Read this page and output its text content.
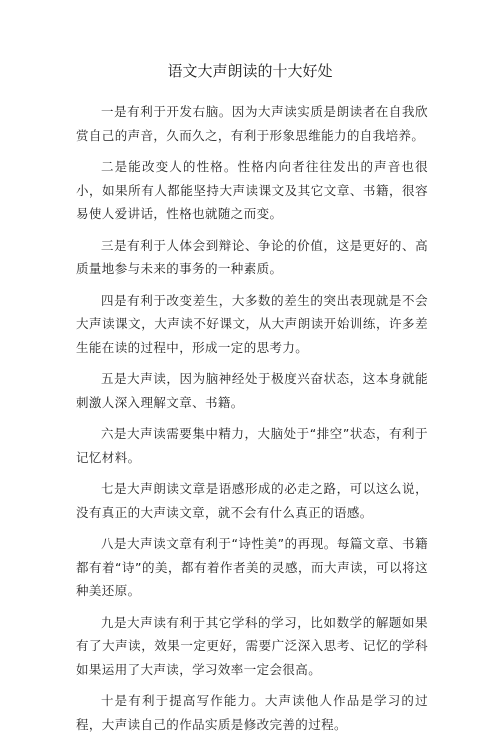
语文大声朗读的十大好处

一是有利于开发右脑。因为大声读实质是朗读者在自我欣赏自己的声音，久而久之，有利于形象思维能力的自我培养。

二是能改变人的性格。性格内向者往往发出的声音也很小，如果所有人都能坚持大声读课文及其它文章、书籍，很容易使人爱讲话，性格也就随之而变。

三是有利于人体会到辩论、争论的价值，这是更好的、高质量地参与未来的事务的一种素质。

四是有利于改变差生，大多数的差生的突出表现就是不会大声读课文，大声读不好课文，从大声朗读开始训练，许多差生能在读的过程中，形成一定的思考力。

五是大声读，因为脑神经处于极度兴奋状态，这本身就能刺激人深入理解文章、书籍。

六是大声读需要集中精力，大脑处于“排空”状态，有利于记忆材料。

七是大声朗读文章是语感形成的必走之路，可以这么说，没有真正的大声读文章，就不会有什么真正的语感。

八是大声读文章有利于“诗性美”的再现。每篇文章、书籍都有着“诗”的美，都有着作者美的灵感，而大声读，可以将这种美还原。

九是大声读有利于其它学科的学习，比如数学的解题如果有了大声读，效果一定更好，需要广泛深入思考、记忆的学科如果运用了大声读，学习效率一定会很高。

十是有利于提高写作能力。大声读他人作品是学习的过程，大声读自己的作品实质是修改完善的过程。
